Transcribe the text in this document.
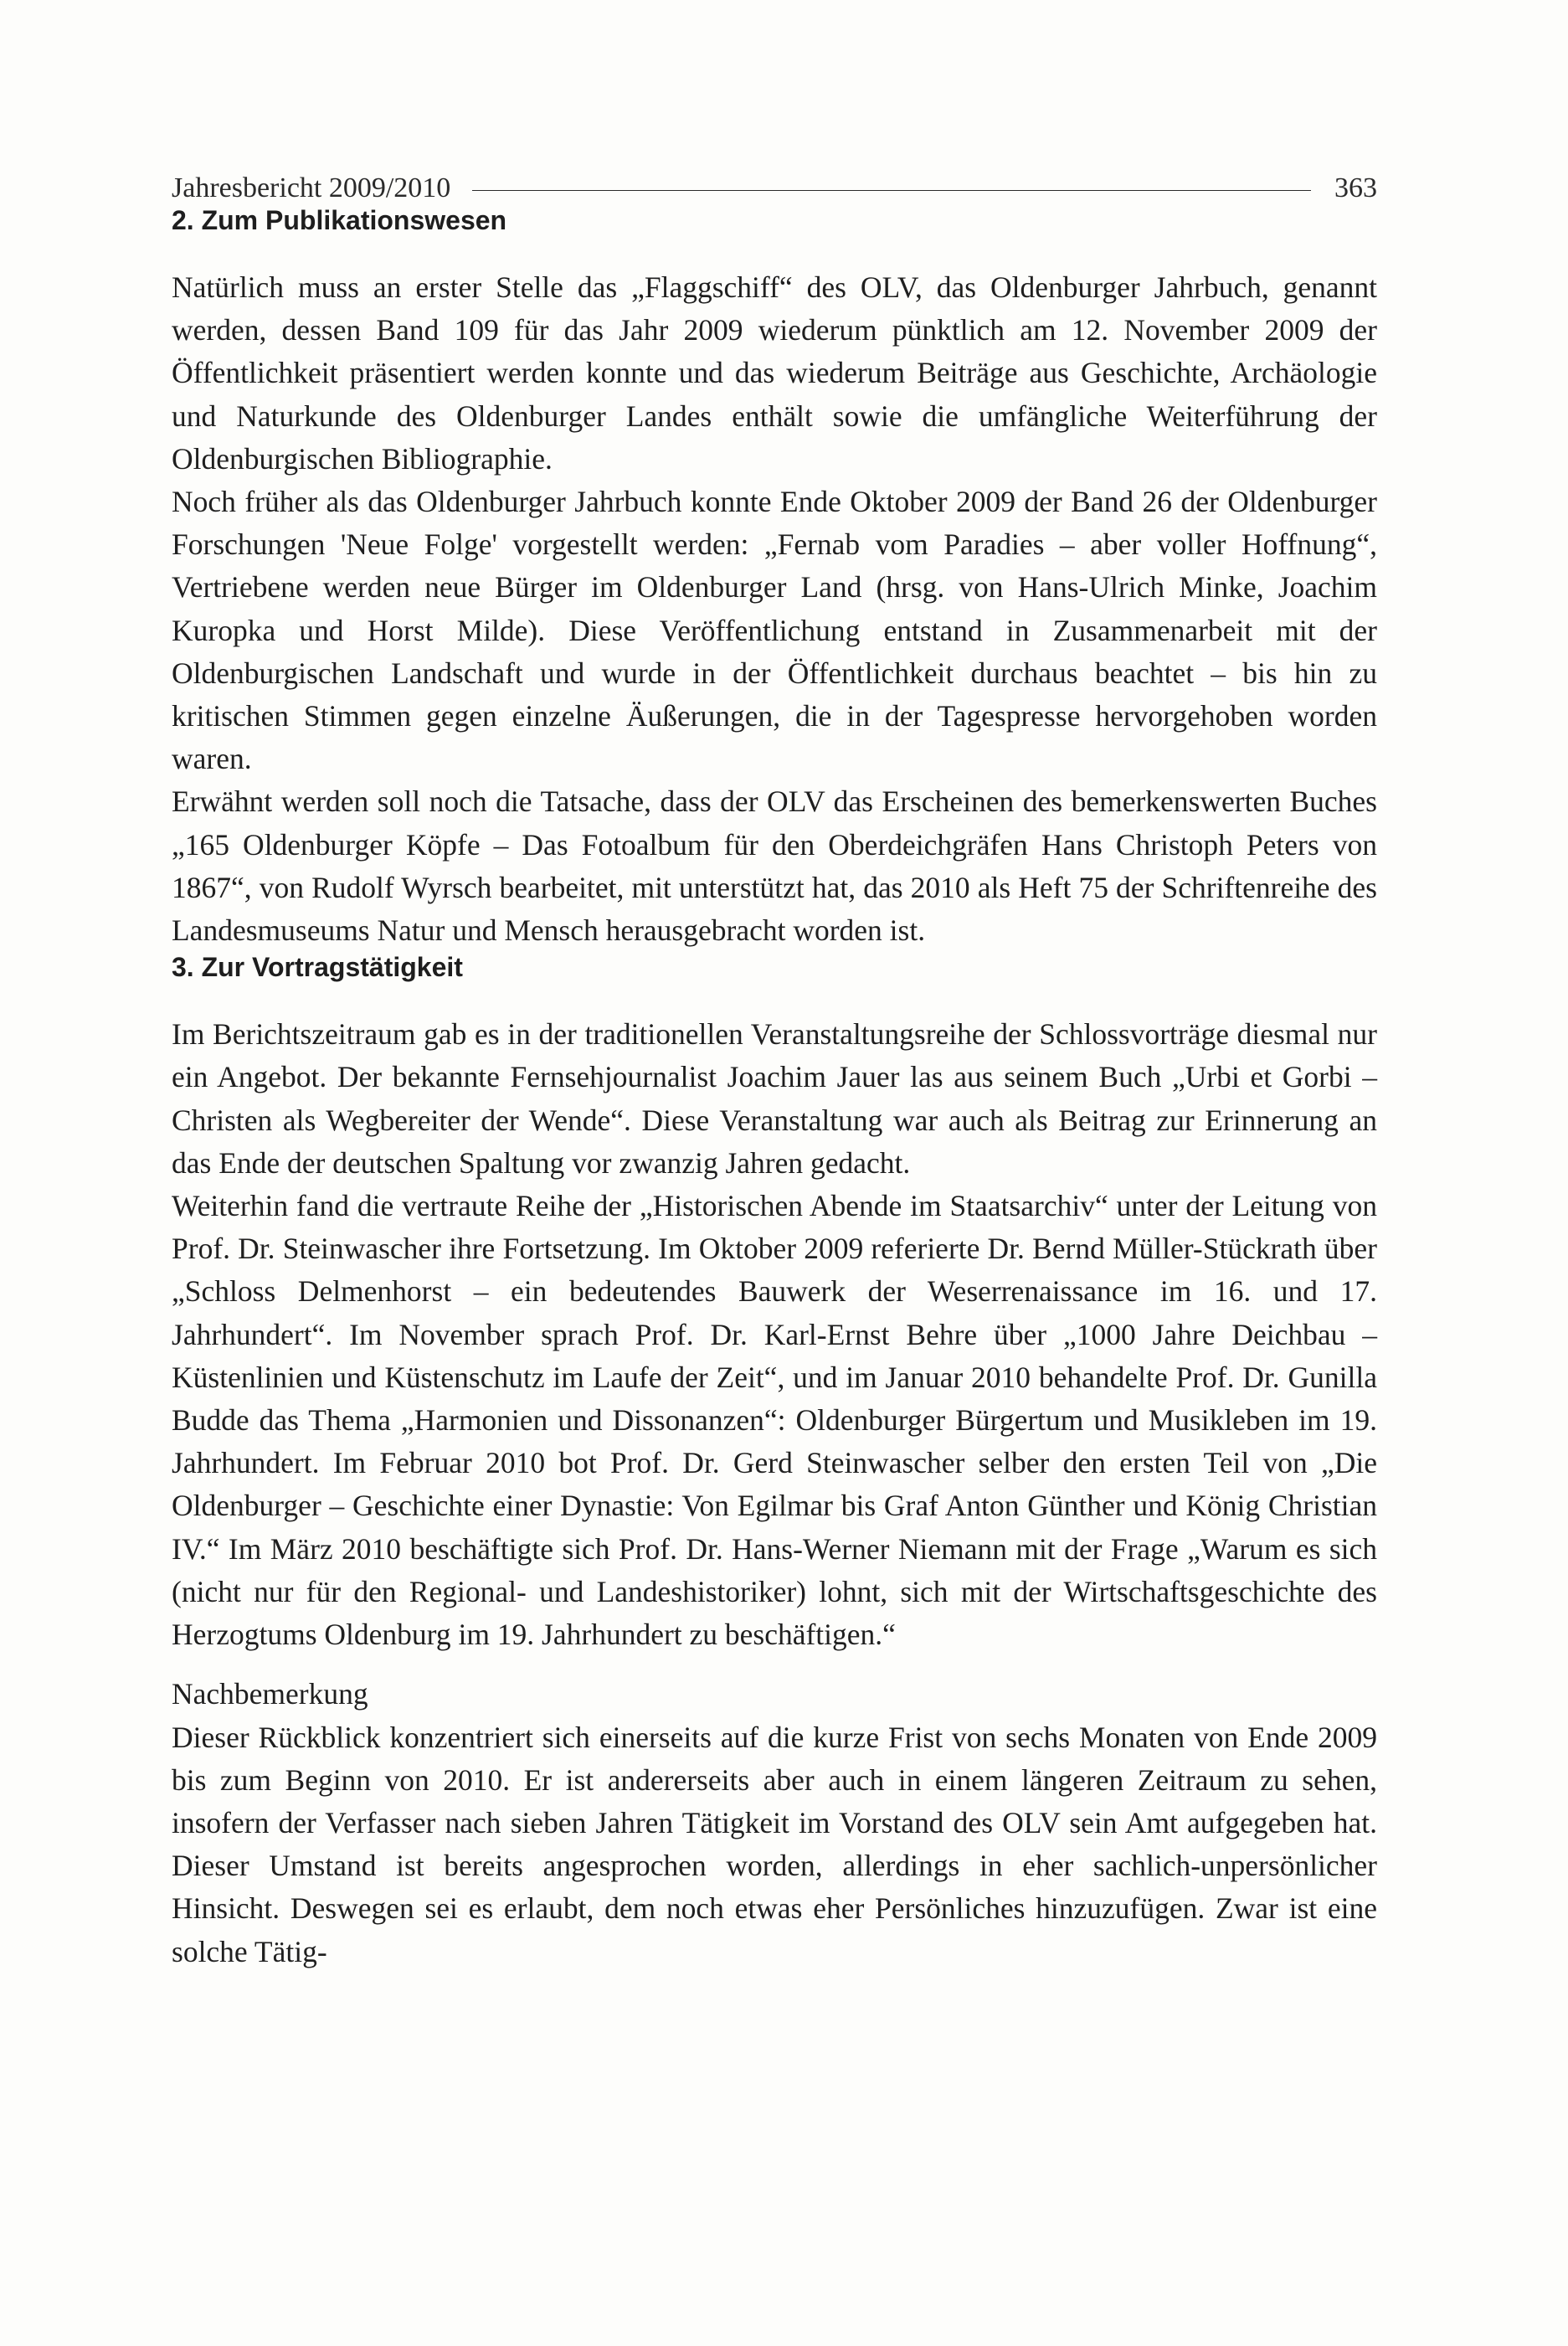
Jahresbericht 2009/2010	363
2. Zum Publikationswesen

Natürlich muss an erster Stelle das „Flaggschiff“ des OLV, das Oldenburger Jahrbuch, genannt werden, dessen Band 109 für das Jahr 2009 wiederum pünktlich am 12. November 2009 der Öffentlichkeit präsentiert werden konnte und das wiederum Beiträge aus Geschichte, Archäologie und Naturkunde des Oldenburger Landes enthält sowie die umfängliche Weiterführung der Oldenburgischen Bibliographie.

Noch früher als das Oldenburger Jahrbuch konnte Ende Oktober 2009 der Band 26 der Oldenburger Forschungen 'Neue Folge' vorgestellt werden: „Fernab vom Paradies – aber voller Hoffnung“, Vertriebene werden neue Bürger im Oldenburger Land (hrsg. von Hans-Ulrich Minke, Joachim Kuropka und Horst Milde). Diese Veröffentlichung entstand in Zusammenarbeit mit der Oldenburgischen Landschaft und wurde in der Öffentlichkeit durchaus beachtet – bis hin zu kritischen Stimmen gegen einzelne Äußerungen, die in der Tagespresse hervorgehoben worden waren.

Erwähnt werden soll noch die Tatsache, dass der OLV das Erscheinen des bemerkenswerten Buches „165 Oldenburger Köpfe – Das Fotoalbum für den Oberdeichgräfen Hans Christoph Peters von 1867“, von Rudolf Wyrsch bearbeitet, mit unterstützt hat, das 2010 als Heft 75 der Schriftenreihe des Landesmuseums Natur und Mensch herausgebracht worden ist.

3. Zur Vortragstätigkeit

Im Berichtszeitraum gab es in der traditionellen Veranstaltungsreihe der Schlossvorträge diesmal nur ein Angebot. Der bekannte Fernsehjournalist Joachim Jauer las aus seinem Buch „Urbi et Gorbi – Christen als Wegbereiter der Wende“. Diese Veranstaltung war auch als Beitrag zur Erinnerung an das Ende der deutschen Spaltung vor zwanzig Jahren gedacht.

Weiterhin fand die vertraute Reihe der „Historischen Abende im Staatsarchiv“ unter der Leitung von Prof. Dr. Steinwascher ihre Fortsetzung. Im Oktober 2009 referierte Dr. Bernd Müller-Stückrath über „Schloss Delmenhorst – ein bedeutendes Bauwerk der Weserrenaissance im 16. und 17. Jahrhundert“. Im November sprach Prof. Dr. Karl-Ernst Behre über „1000 Jahre Deichbau – Küstenlinien und Küstenschutz im Laufe der Zeit“, und im Januar 2010 behandelte Prof. Dr. Gunilla Budde das Thema „Harmonien und Dissonanzen“: Oldenburger Bürgertum und Musikleben im 19. Jahrhundert. Im Februar 2010 bot Prof. Dr. Gerd Steinwascher selber den ersten Teil von „Die Oldenburger – Geschichte einer Dynastie: Von Egilmar bis Graf Anton Günther und König Christian IV.“ Im März 2010 beschäftigte sich Prof. Dr. Hans-Werner Niemann mit der Frage „Warum es sich (nicht nur für den Regional- und Landeshistoriker) lohnt, sich mit der Wirtschaftsgeschichte des Herzogtums Oldenburg im 19. Jahrhundert zu beschäftigen.“

Nachbemerkung

Dieser Rückblick konzentriert sich einerseits auf die kurze Frist von sechs Monaten von Ende 2009 bis zum Beginn von 2010. Er ist andererseits aber auch in einem längeren Zeitraum zu sehen, insofern der Verfasser nach sieben Jahren Tätigkeit im Vorstand des OLV sein Amt aufgegeben hat. Dieser Umstand ist bereits angesprochen worden, allerdings in eher sachlich-unpersönlicher Hinsicht. Deswegen sei es erlaubt, dem noch etwas eher Persönliches hinzuzufügen. Zwar ist eine solche Tätig-
